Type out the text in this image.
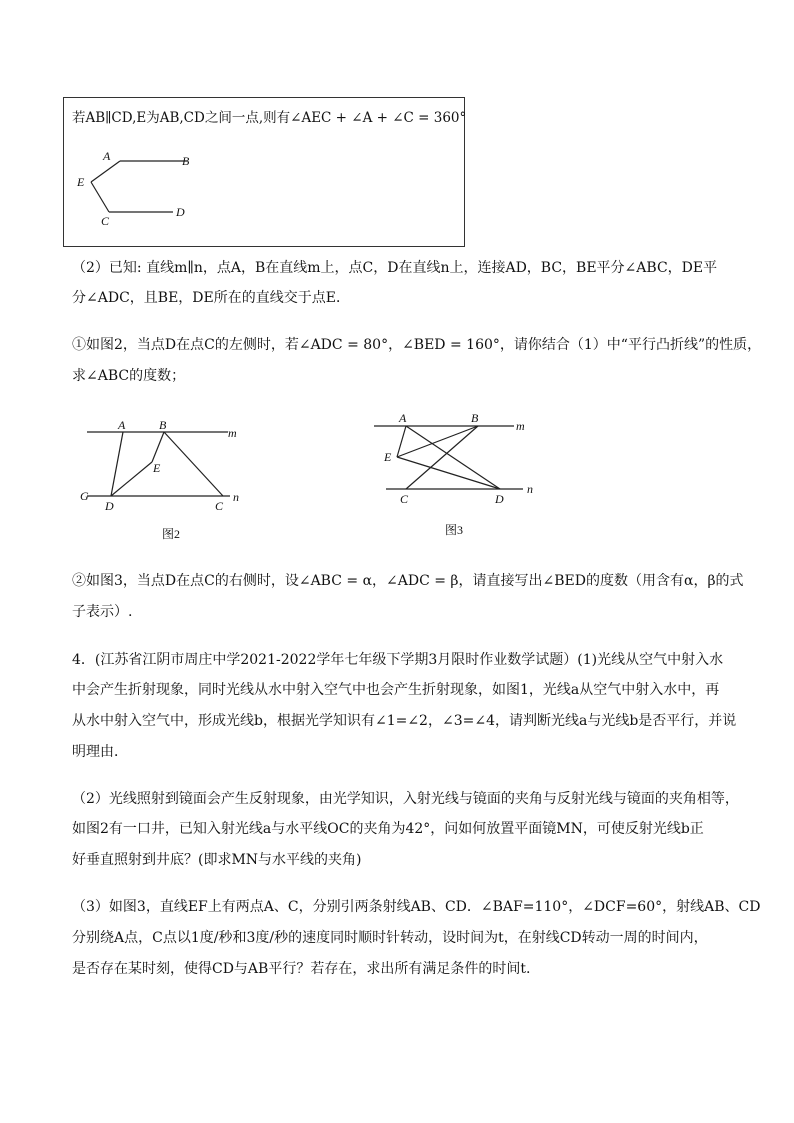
若AB∥CD,E为AB,CD之间一点,则有∠AEC + ∠A + ∠C = 360°
A	B
E
C
D
（2）已知: 直线m∥n，点A，B在直线m上，点C，D在直线n上，连接AD，BC，BE平分∠ABC，DE平
分∠ADC，且BE，DE所在的直线交于点E．
①如图2，当点D在点C的左侧时，若∠ADC = 80°，∠BED = 160°，请你结合（1）中“平行凸折线”的性质，
求∠ABC的度数；
A	B
m
E
G
D	C
n
图2
A	B
m
E
C	D
n
图3
②如图3，当点D在点C的右侧时，设∠ABC = α，∠ADC = β，请直接写出∠BED的度数（用含有α，β的式
子表示）.
4．(江苏省江阴市周庄中学2021-2022学年七年级下学期3月限时作业数学试题）(1)光线从空气中射入水
中会产生折射现象，同时光线从水中射入空气中也会产生折射现象，如图1，光线a从空气中射入水中，再
从水中射入空气中，形成光线b，根据光学知识有∠1=∠2，∠3=∠4，请判断光线a与光线b是否平行，并说
明理由．
（2）光线照射到镜面会产生反射现象，由光学知识，入射光线与镜面的夹角与反射光线与镜面的夹角相等，
如图2有一口井，已知入射光线a与水平线OC的夹角为42°，问如何放置平面镜MN，可使反射光线b正
好垂直照射到井底？(即求MN与水平线的夹角)
（3）如图3，直线EF上有两点A、C，分别引两条射线AB、CD．∠BAF=110°，∠DCF=60°，射线AB、CD
分别绕A点，C点以1度/秒和3度/秒的速度同时顺时针转动，设时间为t，在射线CD转动一周的时间内，
是否存在某时刻，使得CD与AB平行？若存在，求出所有满足条件的时间t.
